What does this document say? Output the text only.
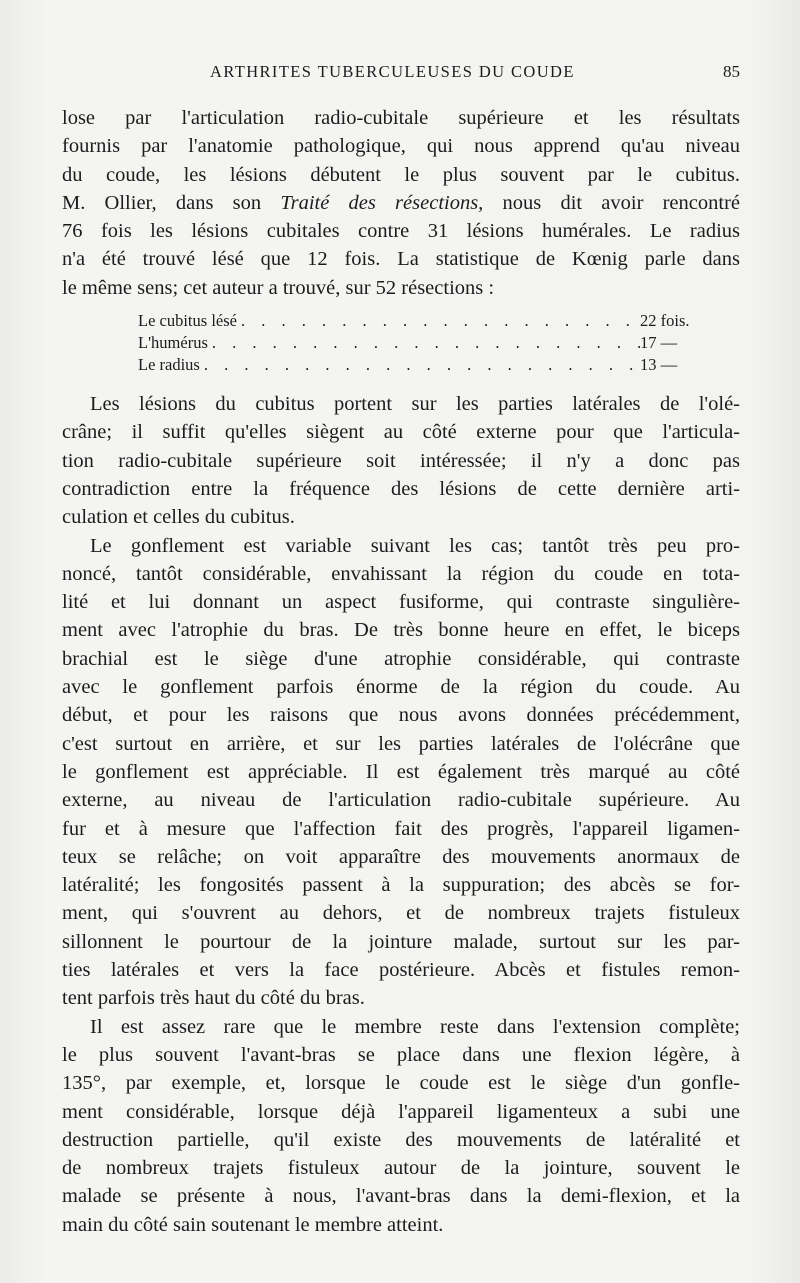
ARTHRITES TUBERCULEUSES DU COUDE	85

lose par l'articulation radio-cubitale supérieure et les résultats
fournis par l'anatomie pathologique, qui nous apprend qu'au niveau
du coude, les lésions débutent le plus souvent par le cubitus.
M. Ollier, dans son Traité des résections, nous dit avoir rencontré
76 fois les lésions cubitales contre 31 lésions humérales. Le radius
n'a été trouvé lésé que 12 fois. La statistique de Kœnig parle dans
le même sens; cet auteur a trouvé, sur 52 résections :

Le cubitus lésé . . .	22 fois.
L'humérus . . .	17 —
Le radius . . .	13 —

Les lésions du cubitus portent sur les parties latérales de l'olé-
crâne; il suffit qu'elles siègent au côté externe pour que l'articula-
tion radio-cubitale supérieure soit intéressée; il n'y a donc pas
contradiction entre la fréquence des lésions de cette dernière arti-
culation et celles du cubitus.

Le gonflement est variable suivant les cas; tantôt très peu pro-
noncé, tantôt considérable, envahissant la région du coude en tota-
lité et lui donnant un aspect fusiforme, qui contraste singulière-
ment avec l'atrophie du bras. De très bonne heure en effet, le biceps
brachial est le siège d'une atrophie considérable, qui contraste
avec le gonflement parfois énorme de la région du coude. Au
début, et pour les raisons que nous avons données précédemment,
c'est surtout en arrière, et sur les parties latérales de l'olécrâne que
le gonflement est appréciable. Il est également très marqué au côté
externe, au niveau de l'articulation radio-cubitale supérieure. Au
fur et à mesure que l'affection fait des progrès, l'appareil ligamen-
teux se relâche; on voit apparaître des mouvements anormaux de
latéralité; les fongosités passent à la suppuration; des abcès se for-
ment, qui s'ouvrent au dehors, et de nombreux trajets fistuleux
sillonnent le pourtour de la jointure malade, surtout sur les par-
ties latérales et vers la face postérieure. Abcès et fistules remon-
tent parfois très haut du côté du bras.

Il est assez rare que le membre reste dans l'extension complète;
le plus souvent l'avant-bras se place dans une flexion légère, à
135°, par exemple, et, lorsque le coude est le siège d'un gonfle-
ment considérable, lorsque déjà l'appareil ligamenteux a subi une
destruction partielle, qu'il existe des mouvements de latéralité et
de nombreux trajets fistuleux autour de la jointure, souvent le
malade se présente à nous, l'avant-bras dans la demi-flexion, et la
main du côté sain soutenant le membre atteint.
